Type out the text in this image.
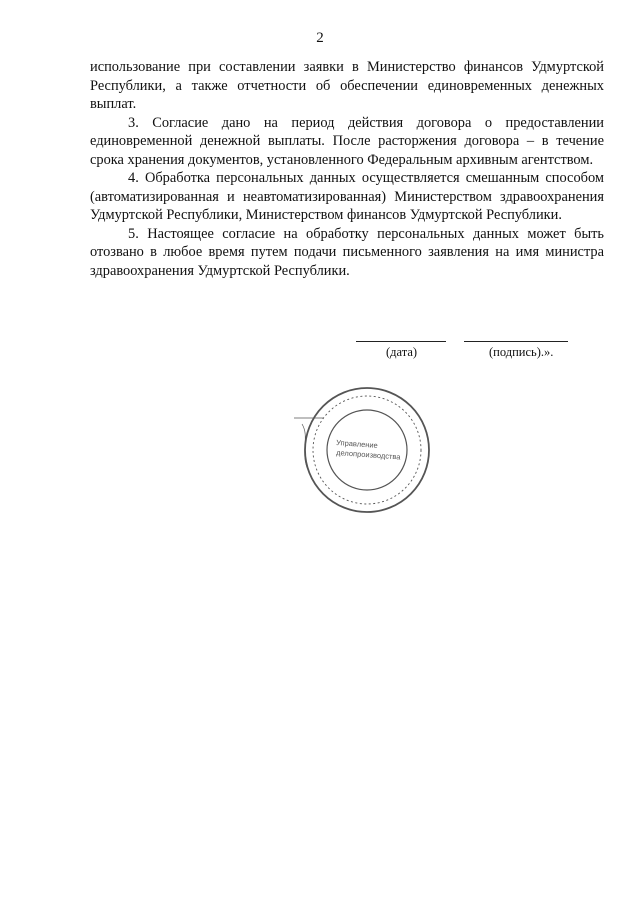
2

использование при составлении заявки в Министерство финансов Удмуртской Республики, а также отчетности об обеспечении единовременных денежных выплат.

3. Согласие дано на период действия договора о предоставлении единовременной денежной выплаты. После расторжения договора – в течение срока хранения документов, установленного Федеральным архивным агентством.

4. Обработка персональных данных осуществляется смешанным способом (автоматизированная и неавтоматизированная) Министерством здравоохранения Удмуртской Республики, Министерством финансов Удмуртской Республики.

5. Настоящее согласие на обработку персональных данных может быть отозвано в любое время путем подачи письменного заявления на имя министра здравоохранения Удмуртской Республики.

(дата)	(подпись).».
Управление
делопроизводства
